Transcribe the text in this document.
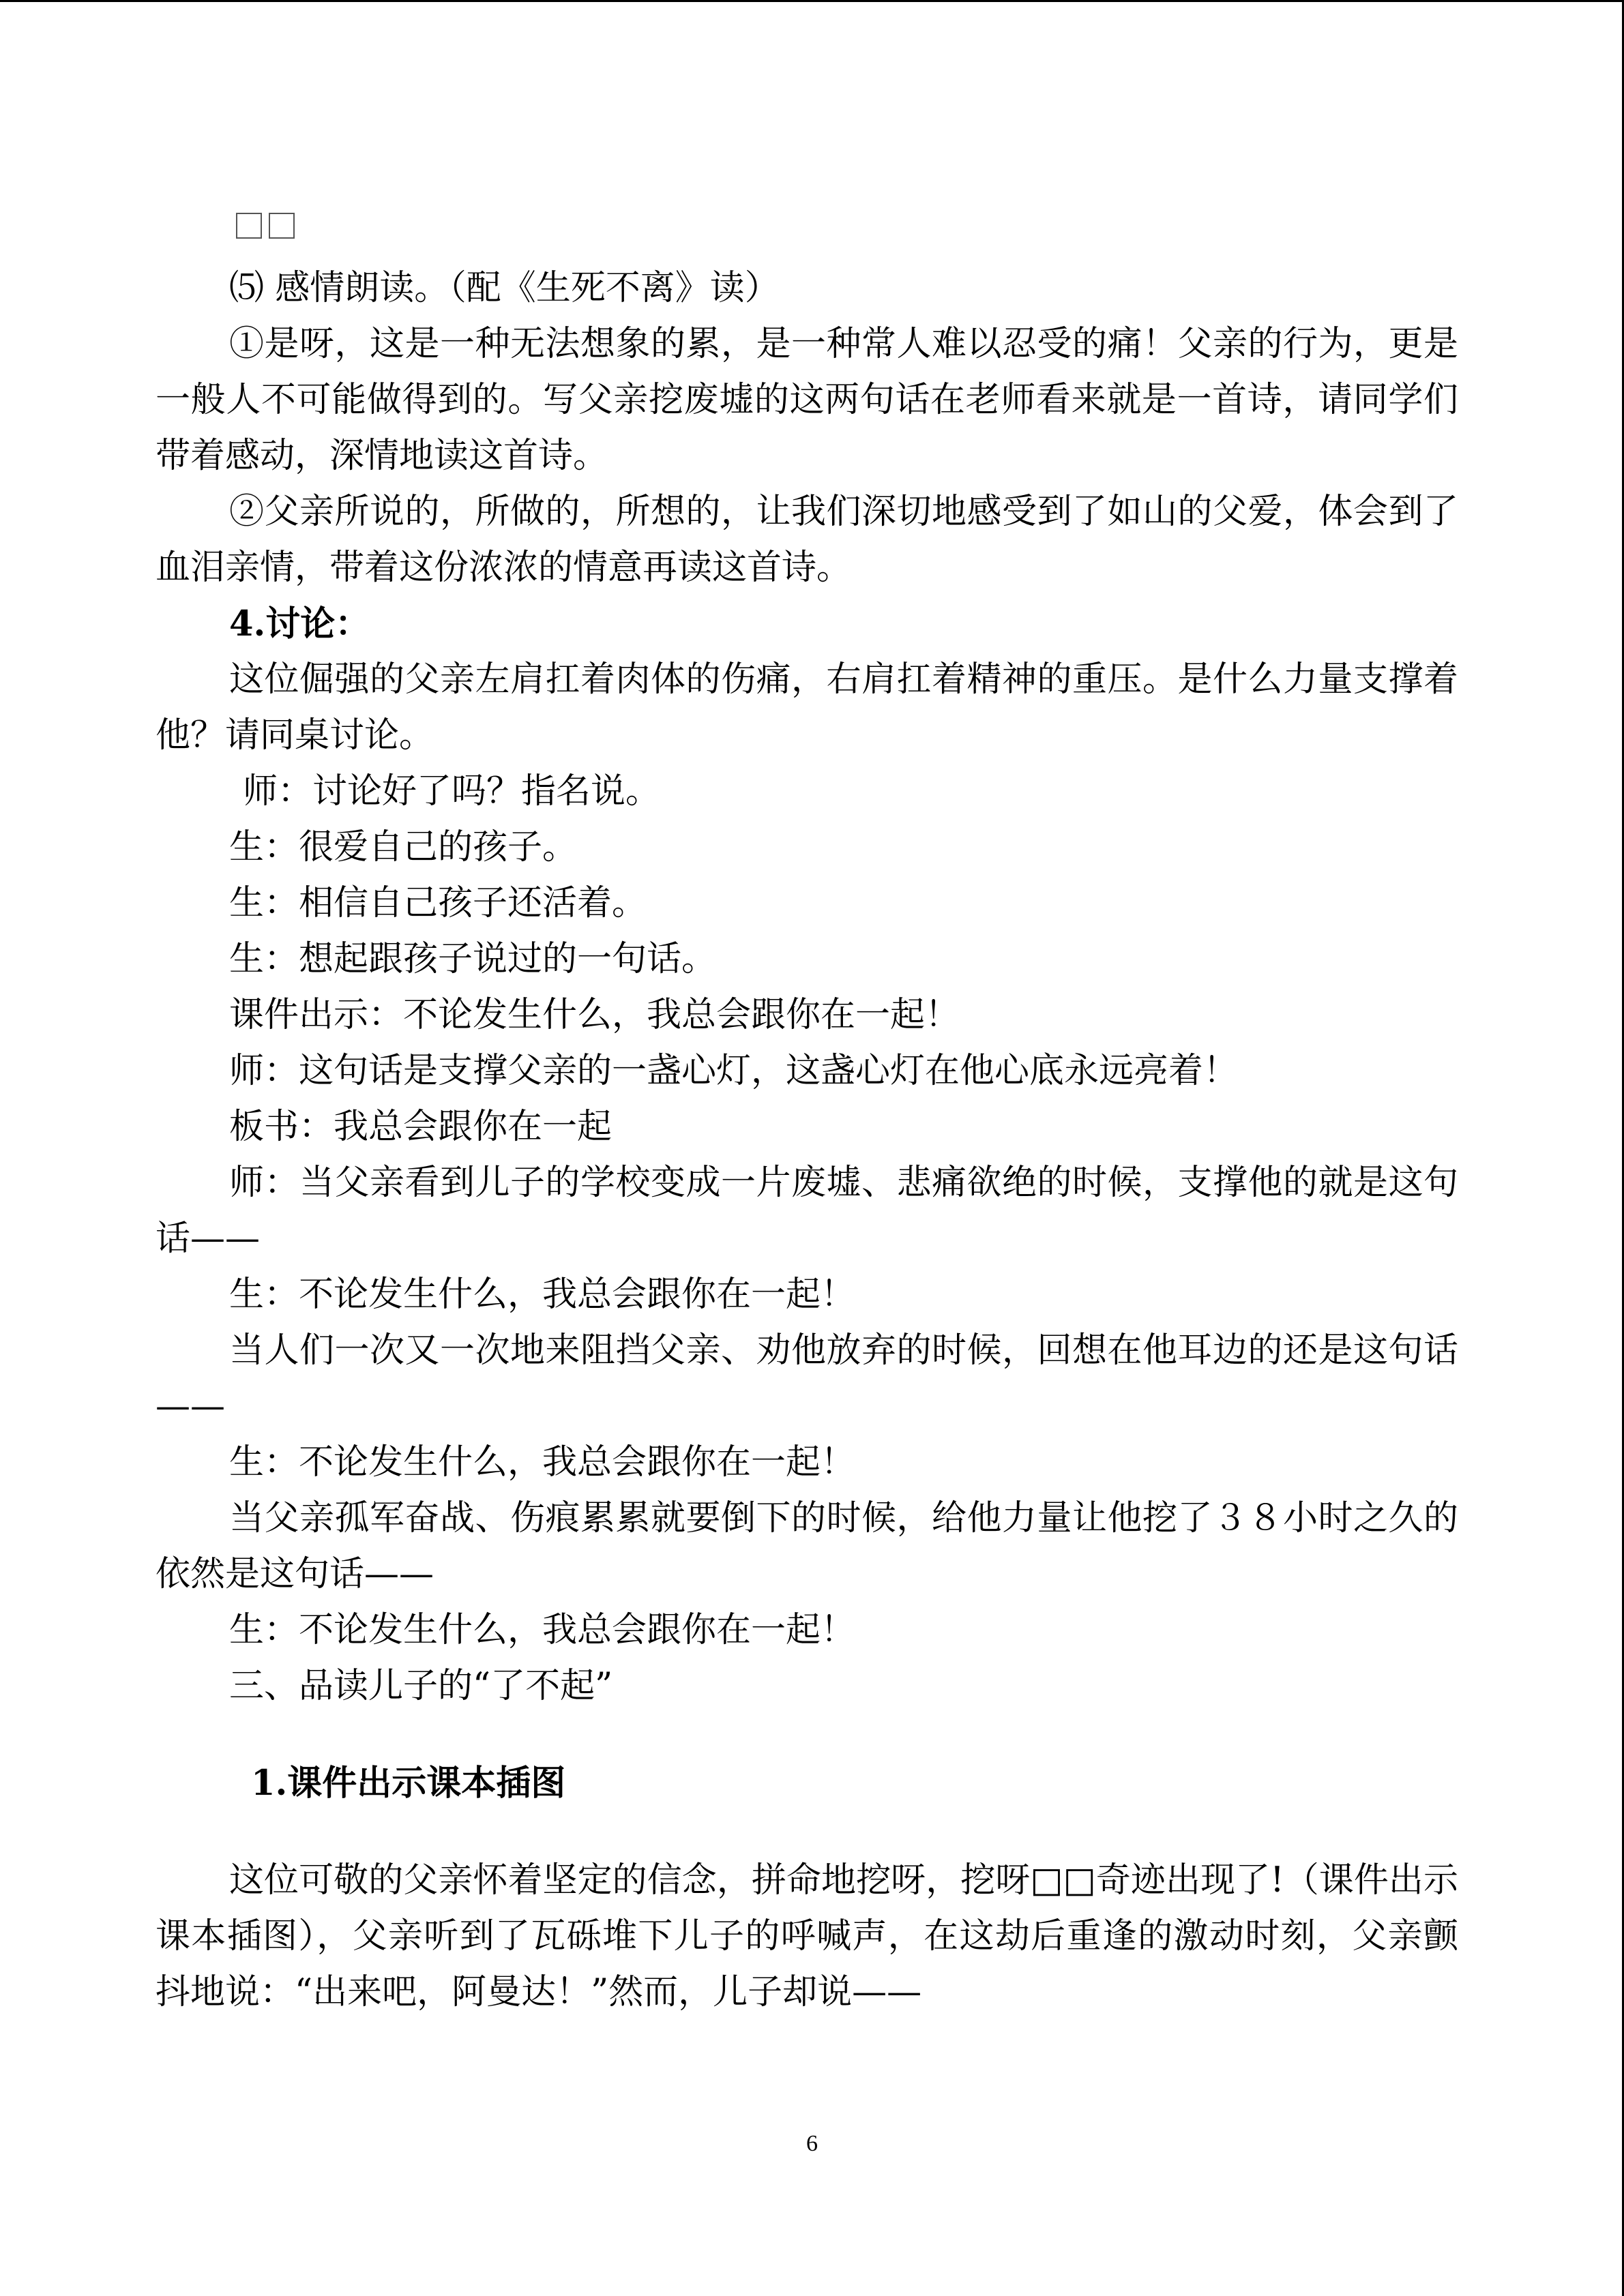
⑸ 感情朗读。（配《生死不离》读）

①是呀，这是一种无法想象的累，是一种常人难以忍受的痛！父亲的行为，更是一般人不可能做得到的。写父亲挖废墟的这两句话在老师看来就是一首诗，请同学们带着感动，深情地读这首诗。

②父亲所说的，所做的，所想的，让我们深切地感受到了如山的父爱，体会到了血泪亲情，带着这份浓浓的情意再读这首诗。

4.讨论：

这位倔强的父亲左肩扛着肉体的伤痛，右肩扛着精神的重压。是什么力量支撑着他？请同桌讨论。

师：讨论好了吗？指名说。

生：很爱自己的孩子。

生：相信自己孩子还活着。

生：想起跟孩子说过的一句话。

课件出示：不论发生什么，我总会跟你在一起！

师：这句话是支撑父亲的一盏心灯，这盏心灯在他心底永远亮着！

板书：我总会跟你在一起

师：当父亲看到儿子的学校变成一片废墟、悲痛欲绝的时候，支撑他的就是这句话——

生：不论发生什么，我总会跟你在一起！

当人们一次又一次地来阻挡父亲、劝他放弃的时候，回想在他耳边的还是这句话——

生：不论发生什么，我总会跟你在一起！

当父亲孤军奋战、伤痕累累就要倒下的时候，给他力量让他挖了３８小时之久的依然是这句话——

生：不论发生什么，我总会跟你在一起！

三、品读儿子的“了不起”

1.课件出示课本插图

这位可敬的父亲怀着坚定的信念，拼命地挖呀，挖呀□□奇迹出现了!（课件出示课本插图），父亲听到了瓦砾堆下儿子的呼喊声，在这劫后重逢的激动时刻，父亲颤抖地说：“出来吧，阿曼达！”然而，儿子却说——

6
